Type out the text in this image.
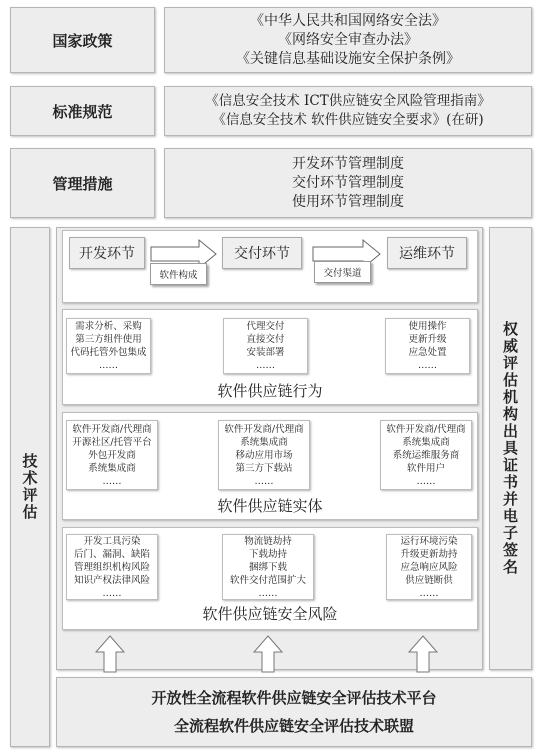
国家政策
《中华人民共和国网络安全法》
《网络安全审查办法》
《关键信息基础设施安全保护条例》
标准规范
《信息安全技术 ICT供应链安全风险管理指南》
《信息安全技术 软件供应链安全要求》(在研)
管理措施
开发环节管理制度
交付环节管理制度
使用环节管理制度
技术评估	权威评估机构出具证书并电子签名
开发环节	交付环节	运维环节
软件构成	交付渠道
需求分析、采购
第三方组件使用
代码托管外包集成
……
代理交付
直接交付
安装部署
……
使用操作
更新升级
应急处置
……
软件供应链行为
软件开发商/代理商
开源社区/托管平台
外包开发商
系统集成商
……
软件开发商/代理商
系统集成商
移动应用市场
第三方下载站
……
软件开发商/代理商
系统集成商
系统运维服务商
软件用户
……
软件供应链实体
开发工具污染
后门、漏洞、缺陷
管理组织机构风险
知识产权法律风险
……
物流链劫持
下载劫持
捆绑下载
软件交付范围扩大
……
运行环境污染
升级更新劫持
应急响应风险
供应链断供
……
软件供应链安全风险
开放性全流程软件供应链安全评估技术平台
全流程软件供应链安全评估技术联盟
